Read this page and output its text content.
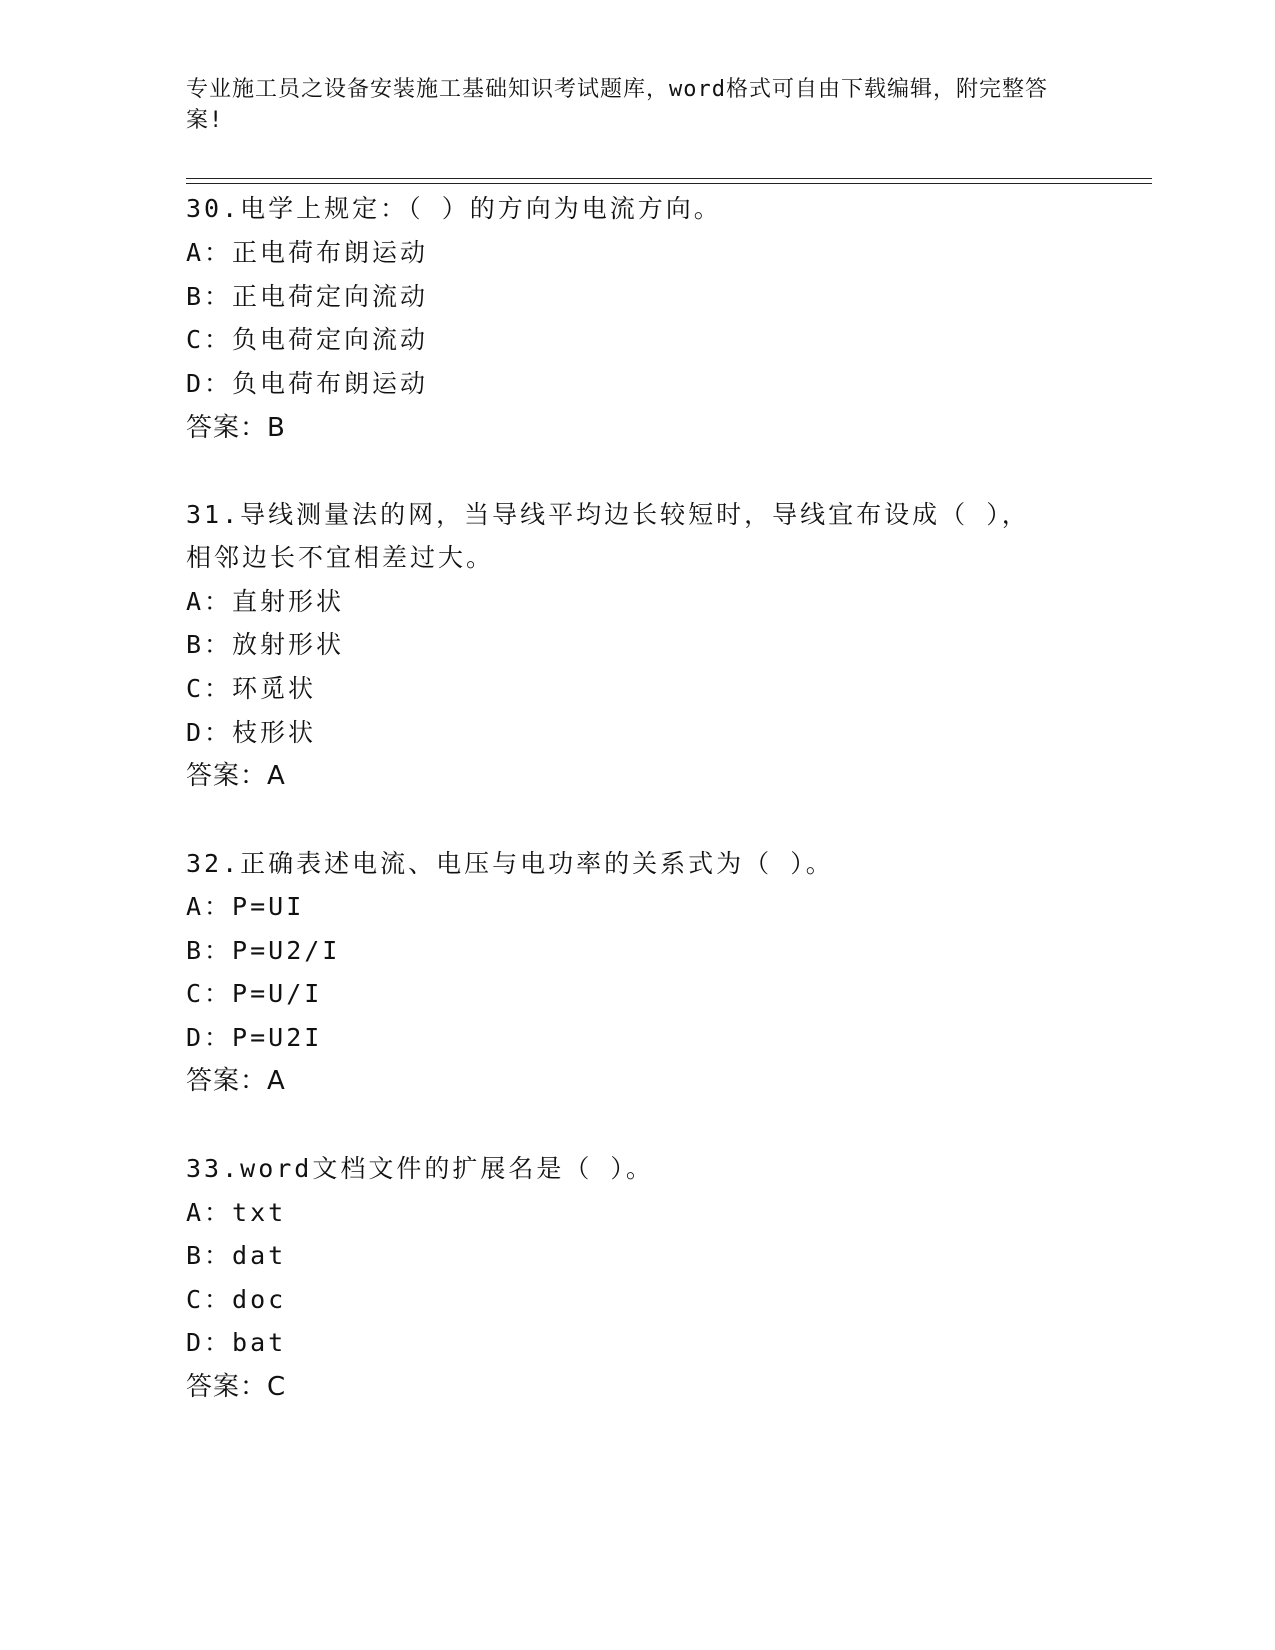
专业施工员之设备安装施工基础知识考试题库，word格式可自由下载编辑，附完整答案!
30.电学上规定：（ ）的方向为电流方向。
A：正电荷布朗运动
B：正电荷定向流动
C：负电荷定向流动
D：负电荷布朗运动
答案：B
31.导线测量法的网，当导线平均边长较短时，导线宜布设成（ ），
相邻边长不宜相差过大。
A：直射形状
B：放射形状
C：环觅状
D：枝形状
答案：A
32.正确表述电流、电压与电功率的关系式为（ ）。
A：P=UI
B：P=U2/I
C：P=U/I
D：P=U2I
答案：A
33.word文档文件的扩展名是（ ）。
A：txt
B：dat
C：doc
D：bat
答案：C
